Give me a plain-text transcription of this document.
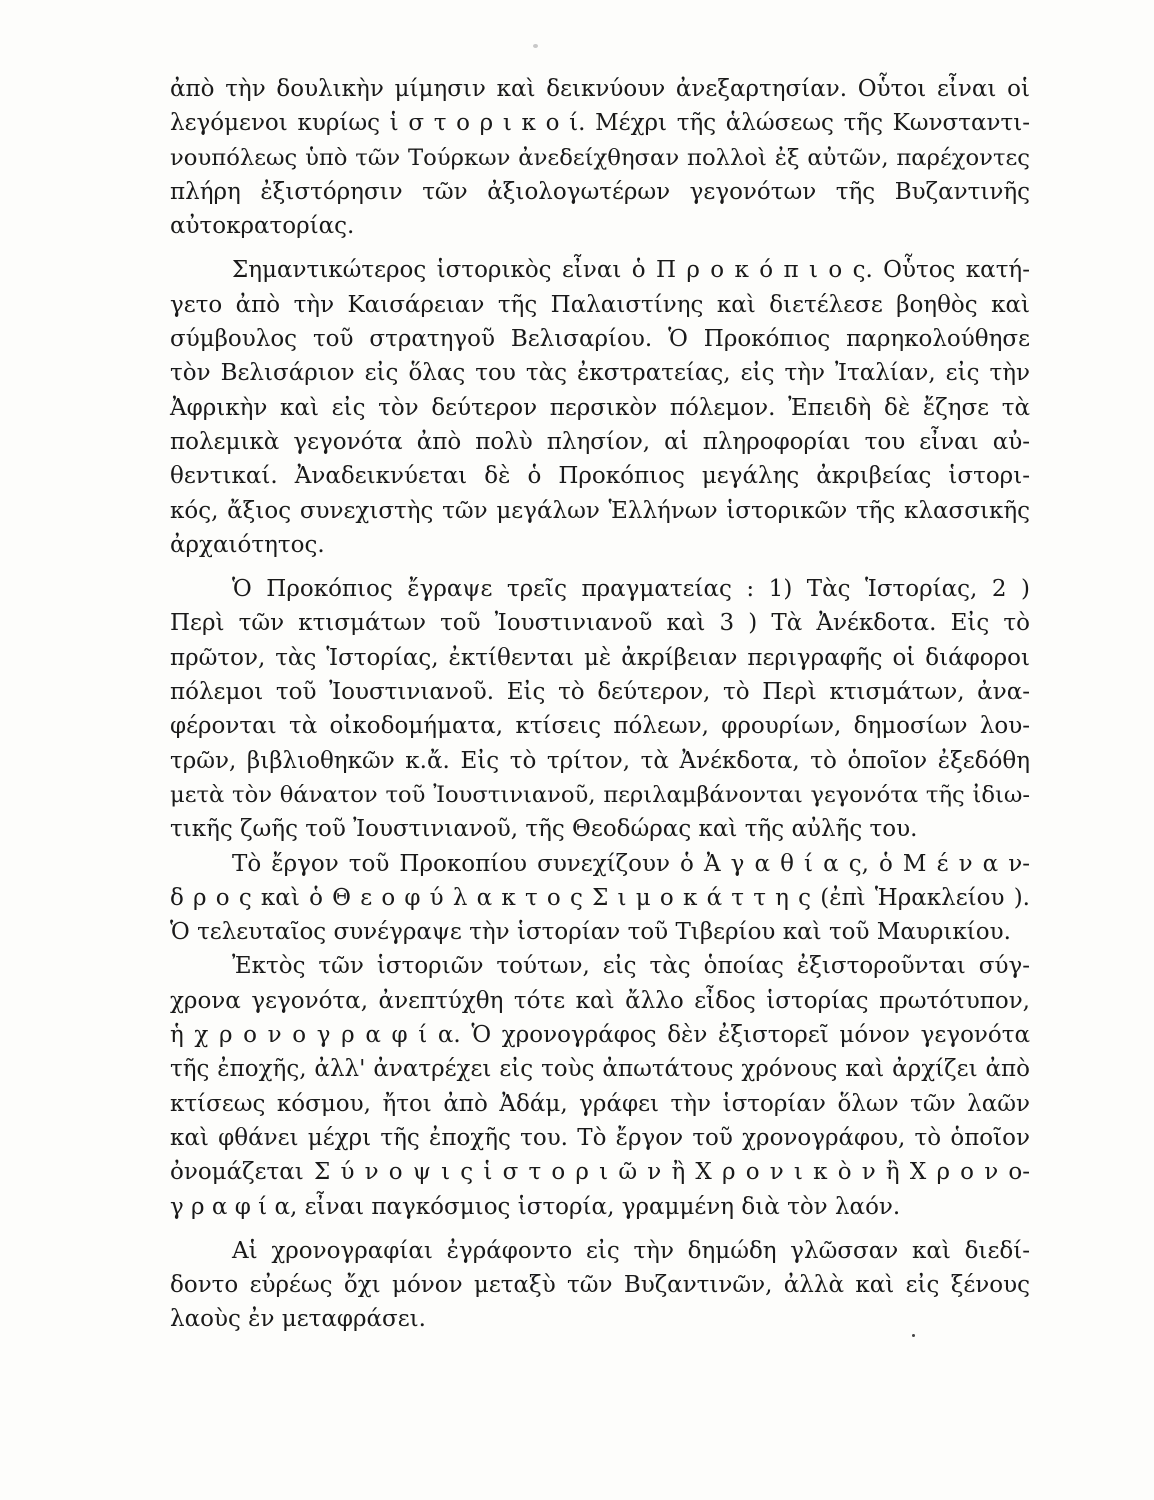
ἀπὸ τὴν δουλικὴν μίμησιν καὶ δεικνύουν ἀνεξαρτησίαν. Οὗτοι εἶναι οἱ
λεγόμενοι κυρίως ἱ σ τ ο ρ ι κ ο ί. Μέχρι τῆς ἁλώσεως τῆς Κωνσταντι-
νουπόλεως ὑπὸ τῶν Τούρκων ἀνεδείχθησαν πολλοὶ ἐξ αὐτῶν, παρέχοντες
πλήρη ἐξιστόρησιν τῶν ἀξιολογωτέρων γεγονότων τῆς Βυζαντινῆς
αὐτοκρατορίας.
Σημαντικώτερος ἱστορικὸς εἶναι ὁ Π ρ ο κ ό π ι ο ς. Οὗτος κατή-
γετο ἀπὸ τὴν Καισάρειαν τῆς Παλαιστίνης καὶ διετέλεσε βοηθὸς καὶ
σύμβουλος τοῦ στρατηγοῦ Βελισαρίου. Ὁ Προκόπιος παρηκολούθησε
τὸν Βελισάριον εἰς ὅλας του τὰς ἐκστρατείας, εἰς τὴν Ἰταλίαν, εἰς τὴν
Ἀφρικὴν καὶ εἰς τὸν δεύτερον περσικὸν πόλεμον. Ἐπειδὴ δὲ ἔζησε τὰ
πολεμικὰ γεγονότα ἀπὸ πολὺ πλησίον, αἱ πληροφορίαι του εἶναι αὐ-
θεντικαί. Ἀναδεικνύεται δὲ ὁ Προκόπιος μεγάλης ἀκριβείας ἱστορι-
κός, ἄξιος συνεχιστὴς τῶν μεγάλων Ἑλλήνων ἱστορικῶν τῆς κλασσικῆς
ἀρχαιότητος.
Ὁ Προκόπιος ἔγραψε τρεῖς πραγματείας : 1) Τὰς Ἱστορίας, 2 )
Περὶ τῶν κτισμάτων τοῦ Ἰουστινιανοῦ καὶ 3 ) Τὰ Ἀνέκδοτα. Εἰς τὸ
πρῶτον, τὰς Ἱστορίας, ἐκτίθενται μὲ ἀκρίβειαν περιγραφῆς οἱ διάφοροι
πόλεμοι τοῦ Ἰουστινιανοῦ. Εἰς τὸ δεύτερον, τὸ Περὶ κτισμάτων, ἀνα-
φέρονται τὰ οἰκοδομήματα, κτίσεις πόλεων, φρουρίων, δημοσίων λου-
τρῶν, βιβλιοθηκῶν κ.ἄ. Εἰς τὸ τρίτον, τὰ Ἀνέκδοτα, τὸ ὁποῖον ἐξεδόθη
μετὰ τὸν θάνατον τοῦ Ἰουστινιανοῦ, περιλαμβάνονται γεγονότα τῆς ἰδιω-
τικῆς ζωῆς τοῦ Ἰουστινιανοῦ, τῆς Θεοδώρας καὶ τῆς αὐλῆς του.
Τὸ ἔργον τοῦ Προκοπίου συνεχίζουν ὁ Ἀ γ α θ ί α ς, ὁ Μ έ ν α ν-
δ ρ ο ς καὶ ὁ Θ ε ο φ ύ λ α κ τ ο ς Σ ι μ ο κ ά τ τ η ς (ἐπὶ Ἡρακλείου ).
Ὁ τελευταῖος συνέγραψε τὴν ἱστορίαν τοῦ Τιβερίου καὶ τοῦ Μαυρικίου.
Ἐκτὸς τῶν ἱστοριῶν τούτων, εἰς τὰς ὁποίας ἐξιστοροῦνται σύγ-
χρονα γεγονότα, ἀνεπτύχθη τότε καὶ ἄλλο εἶδος ἱστορίας πρωτότυπον,
ἡ χ ρ ο ν ο γ ρ α φ ί α. Ὁ χρονογράφος δὲν ἐξιστορεῖ μόνον γεγονότα
τῆς ἐποχῆς, ἀλλ' ἀνατρέχει εἰς τοὺς ἀπωτάτους χρόνους καὶ ἀρχίζει ἀπὸ
κτίσεως κόσμου, ἤτοι ἀπὸ Ἀδάμ, γράφει τὴν ἱστορίαν ὅλων τῶν λαῶν
καὶ φθάνει μέχρι τῆς ἐποχῆς του. Τὸ ἔργον τοῦ χρονογράφου, τὸ ὁποῖον
ὀνομάζεται Σ ύ ν ο ψ ι ς ἱ σ τ ο ρ ι ῶ ν ἢ Χ ρ ο ν ι κ ὸ ν ἢ Χ ρ ο ν ο-
γ ρ α φ ί α, εἶναι παγκόσμιος ἱστορία, γραμμένη διὰ τὸν λαόν.
Αἱ χρονογραφίαι ἐγράφοντο εἰς τὴν δημώδη γλῶσσαν καὶ διεδί-
δοντο εὐρέως ὄχι μόνον μεταξὺ τῶν Βυζαντινῶν, ἀλλὰ καὶ εἰς ξένους
λαοὺς ἐν μεταφράσει.
